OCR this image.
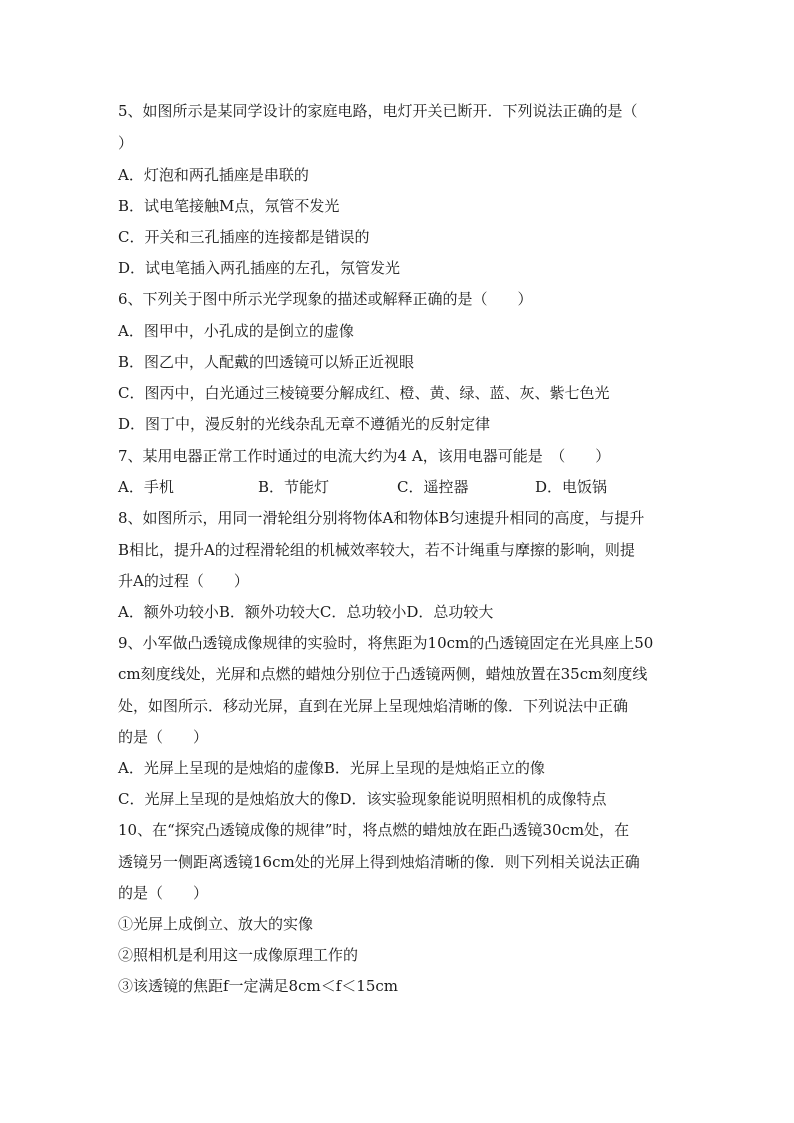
5、如图所示是某同学设计的家庭电路，电灯开关已断开．下列说法正确的是（
）
A．灯泡和两孔插座是串联的
B．试电笔接触M点，氖管不发光
C．开关和三孔插座的连接都是错误的
D．试电笔插入两孔插座的左孔，氖管发光
6、下列关于图中所示光学现象的描述或解释正确的是（　　）
A．图甲中，小孔成的是倒立的虚像
B．图乙中，人配戴的凹透镜可以矫正近视眼
C．图丙中，白光通过三棱镜要分解成红、橙、黄、绿、蓝、灰、紫七色光
D．图丁中，漫反射的光线杂乱无章不遵循光的反射定律
7、某用电器正常工作时通过的电流大约为4 A，该用电器可能是　（　　）
A．手机	B．节能灯	C．遥控器	D．电饭锅
8、如图所示，用同一滑轮组分别将物体A和物体B匀速提升相同的高度，与提升
B相比，提升A的过程滑轮组的机械效率较大，若不计绳重与摩擦的影响，则提
升A的过程（　　）
A．额外功较小B．额外功较大C．总功较小D．总功较大
9、小军做凸透镜成像规律的实验时，将焦距为10cm的凸透镜固定在光具座上50
cm刻度线处，光屏和点燃的蜡烛分别位于凸透镜两侧，蜡烛放置在35cm刻度线
处，如图所示．移动光屏，直到在光屏上呈现烛焰清晰的像．下列说法中正确
的是（　　）
A．光屏上呈现的是烛焰的虚像B．光屏上呈现的是烛焰正立的像
C．光屏上呈现的是烛焰放大的像D．该实验现象能说明照相机的成像特点
10、在“探究凸透镜成像的规律”时，将点燃的蜡烛放在距凸透镜30cm处，在
透镜另一侧距离透镜16cm处的光屏上得到烛焰清晰的像．则下列相关说法正确
的是（　　）
①光屏上成倒立、放大的实像
②照相机是利用这一成像原理工作的
③该透镜的焦距f一定满足8cm＜f＜15cm
